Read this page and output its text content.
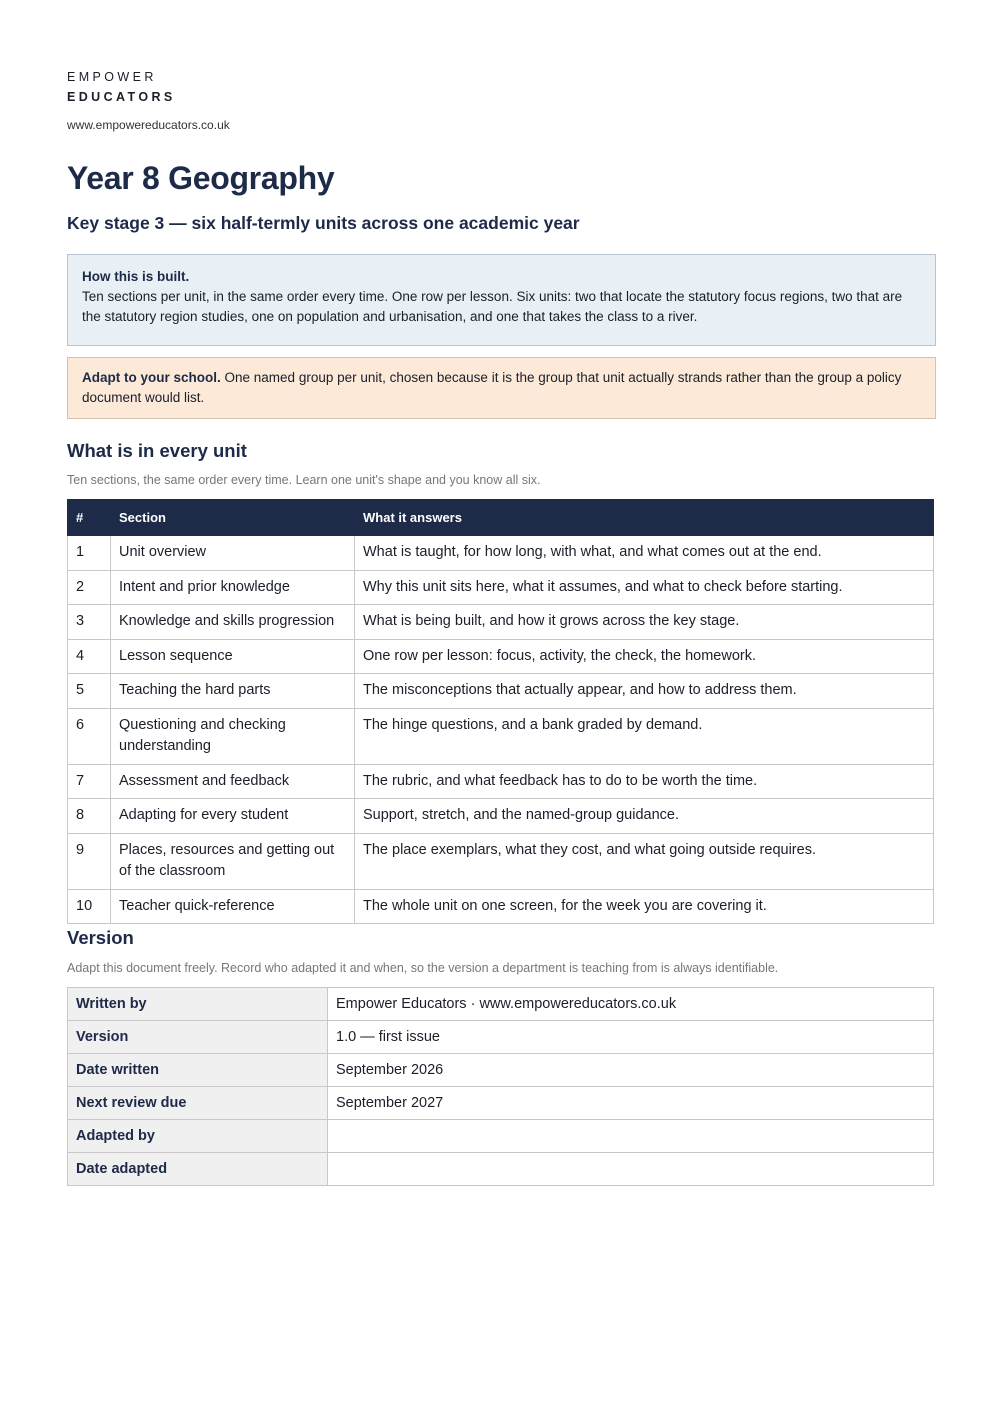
EMPOWER
EDUCATORS
www.empowereducators.co.uk
Year 8 Geography
Key stage 3 — six half-termly units across one academic year
How this is built.
Ten sections per unit, in the same order every time. One row per lesson. Six units: two that locate the statutory focus regions, two that are the statutory region studies, one on population and urbanisation, and one that takes the class to a river.
Adapt to your school. One named group per unit, chosen because it is the group that unit actually strands rather than the group a policy document would list.
What is in every unit
Ten sections, the same order every time. Learn one unit's shape and you know all six.
#	Section	What it answers
1	Unit overview	What is taught, for how long, with what, and what comes out at the end.
2	Intent and prior knowledge	Why this unit sits here, what it assumes, and what to check before starting.
3	Knowledge and skills progression	What is being built, and how it grows across the key stage.
4	Lesson sequence	One row per lesson: focus, activity, the check, the homework.
5	Teaching the hard parts	The misconceptions that actually appear, and how to address them.
6	Questioning and checking understanding	The hinge questions, and a bank graded by demand.
7	Assessment and feedback	The rubric, and what feedback has to do to be worth the time.
8	Adapting for every student	Support, stretch, and the named-group guidance.
9	Places, resources and getting out of the classroom	The place exemplars, what they cost, and what going outside requires.
10	Teacher quick-reference	The whole unit on one screen, for the week you are covering it.
Version
Adapt this document freely. Record who adapted it and when, so the version a department is teaching from is always identifiable.
Written by	Empower Educators · www.empowereducators.co.uk
Version	1.0 — first issue
Date written	September 2026
Next review due	September 2027
Adapted by	
Date adapted	
